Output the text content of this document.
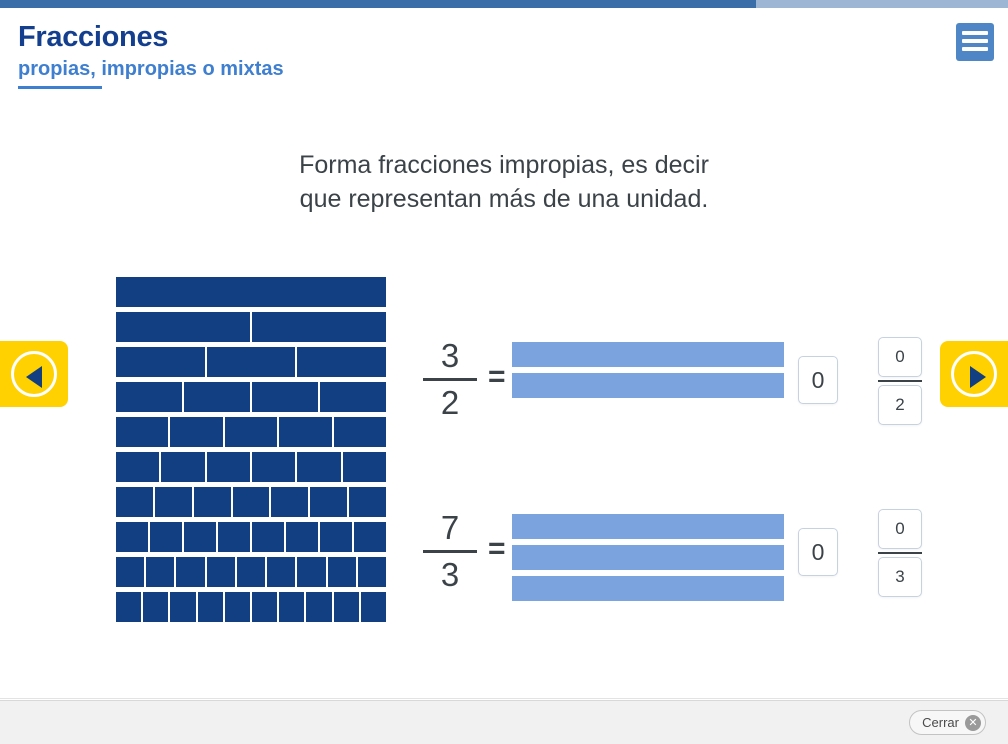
Fracciones
propias, impropias o mixtas
Forma fracciones impropias, es decir
que representan más de una unidad.
3
2
=	0	$\frac{0}{2}$
7
3
=	0	$\frac{0}{3}$
Cerrar ✕
